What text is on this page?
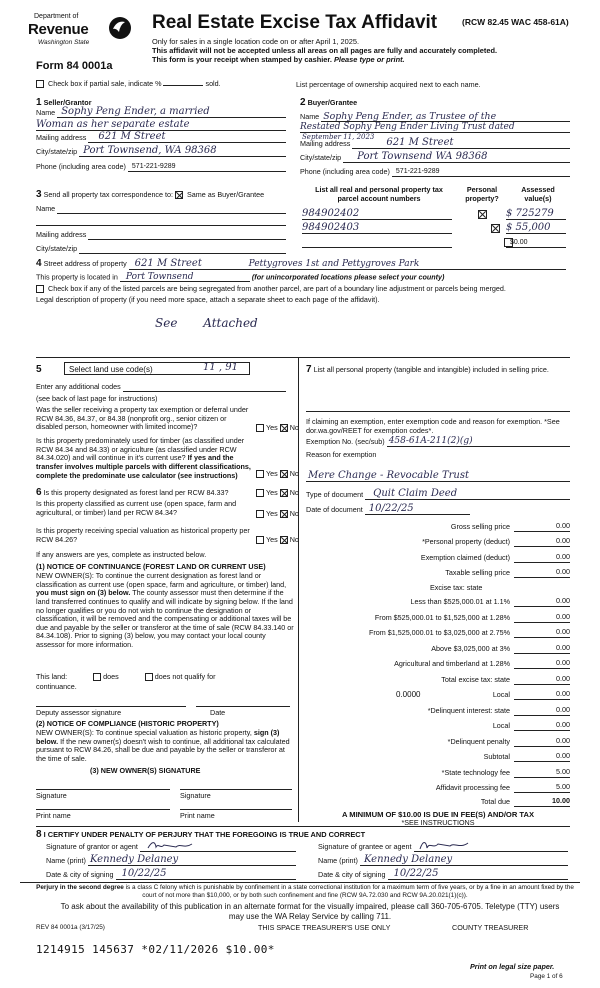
Department of
Revenue
Washington State
Form 84 0001a
Real Estate Excise Tax Affidavit	(RCW 82.45 WAC 458-61A)
Only for sales in a single location code on or after April 1, 2025.
This affidavit will not be accepted unless all areas on all pages are fully and accurately completed.
This form is your receipt when stamped by cashier. Please type or print.
Check box if partial sale, indicate %	sold.	List percentage of ownership acquired next to each name.
1 Seller/Grantor
Name Sophy Peng Ender, a married
Woman as her separate estate
Mailing address 621 M Street
City/state/zip Port Townsend, WA 98368
Phone (including area code) 571-221-9289
2 Buyer/Grantee
Name Sophy Peng Ender, as Trustee of the
Restated Sophy Peng Ender Living Trust dated
September 11, 2023
Mailing address	621 M Street
City/state/zip Port Townsend WA 98368
Phone (including area code) 571-221-9289
3 Send all property tax correspondence to: Same as Buyer/Grantee
Name
Mailing address
City/state/zip
List all real and personal property tax parcel account numbers
Personal property?
Assessed value(s)
984902402
	$ 725279
984902403
	$ 55,000
$0.00
4 Street address of property 621 M Street	Pettygroves 1st and Pettygroves Park
This property is located in Port Townsend	(for unincorporated locations please select your county)
Check box if any of the listed parcels are being segregated from another parcel, are part of a boundary line adjustment or parcels being merged.
Legal description of property (if you need more space, attach a separate sheet to each page of the affidavit).
See Attached
5	Select land use code(s)	11 , 91
Enter any additional codes
(see back of last page for instructions)
Was the seller receiving a property tax exemption or deferral under RCW 84.36, 84.37, or 84.38 (nonprofit org., senior citizen or disabled person, homeowner with limited income)?	Yes No
Is this property predominately used for timber (as classified under RCW 84.34 and 84.33) or agriculture (as classified under RCW 84.34.020) and will continue in it's current use? If yes and the transfer involves multiple parcels with different classifications, complete the predominate use calculator (see instructions)	Yes No
6 Is this property designated as forest land per RCW 84.33?	Yes No
Is this property classified as current use (open space, farm and agricultural, or timber) land per RCW 84.34?	Yes No
Is this property receiving special valuation as historical property per RCW 84.26?	Yes No
If any answers are yes, complete as instructed below.
(1) NOTICE OF CONTINUANCE (FOREST LAND OR CURRENT USE)
NEW OWNER(S): To continue the current designation as forest land or classification as current use (open space, farm and agriculture, or timber) land, you must sign on (3) below. The county assessor must then determine if the land transferred continues to qualify and will indicate by signing below. If the land no longer qualifies or you do not wish to continue the designation or classification, it will be removed and the compensating or additional taxes will be due and payable by the seller or transferor at the time of sale (RCW 84.33.140 or 84.34.108). Prior to signing (3) below, you may contact your local county assessor for more information.
This land:	does	does not qualify for
continuance.
Deputy assessor signature	Date
(2) NOTICE OF COMPLIANCE (HISTORIC PROPERTY)
NEW OWNER(S): To continue special valuation as historic property, sign (3) below. If the new owner(s) doesn't wish to continue, all additional tax calculated pursuant to RCW 84.26, shall be due and payable by the seller or transferor at the time of sale.
(3) NEW OWNER(S) SIGNATURE
Signature	Signature
Print name	Print name
7 List all personal property (tangible and intangible) included in selling price.
If claiming an exemption, enter exemption code and reason for exemption. *See dor.wa.gov/REET for exemption codes*.
Exemption No. (sec/sub) 458-61A-211(2)(g)
Reason for exemption
Mere Change - Revocable Trust
Type of document Quit Claim Deed
Date of document 10/22/25
Gross selling price	0.00
*Personal property (deduct)	0.00
Exemption claimed (deduct)	0.00
Taxable selling price	0.00
Excise tax: state
Less than $525,000.01 at 1.1%	0.00
From $525,000.01 to $1,525,000 at 1.28%	0.00
From $1,525,000.01 to $3,025,000 at 2.75%	0.00
Above $3,025,000 at 3%	0.00
Agricultural and timberland at 1.28%	0.00
Total excise tax: state	0.00
0.0000	Local	0.00
*Delinquent interest: state	0.00
Local	0.00
*Delinquent penalty	0.00
Subtotal	0.00
*State technology fee	5.00
Affidavit processing fee	5.00
Total due	10.00
A MINIMUM OF $10.00 IS DUE IN FEE(S) AND/OR TAX
*SEE INSTRUCTIONS
8 I CERTIFY UNDER PENALTY OF PERJURY THAT THE FOREGOING IS TRUE AND CORRECT
Signature of grantor or agent	Signature of grantee or agent
Name (print) Kennedy Delaney	Name (print) Kennedy Delaney
Date & city of signing 10/22/25	Date & city of signing 10/22/25
Perjury in the second degree is a class C felony which is punishable by confinement in a state correctional institution for a maximum term of five years, or by a fine in an amount fixed by the court of not more than $10,000, or by both such confinement and fine (RCW 9A.72.030 and RCW 9A.20.021(1)(c)).
To ask about the availability of this publication in an alternate format for the visually impaired, please call 360-705-6705. Teletype (TTY) users may use the WA Relay Service by calling 711.
REV 84 0001a (3/17/25)	THIS SPACE TREASURER'S USE ONLY	COUNTY TREASURER
1214915 145637 *02/11/2026 $10.00*
Print on legal size paper.
Page 1 of 6
